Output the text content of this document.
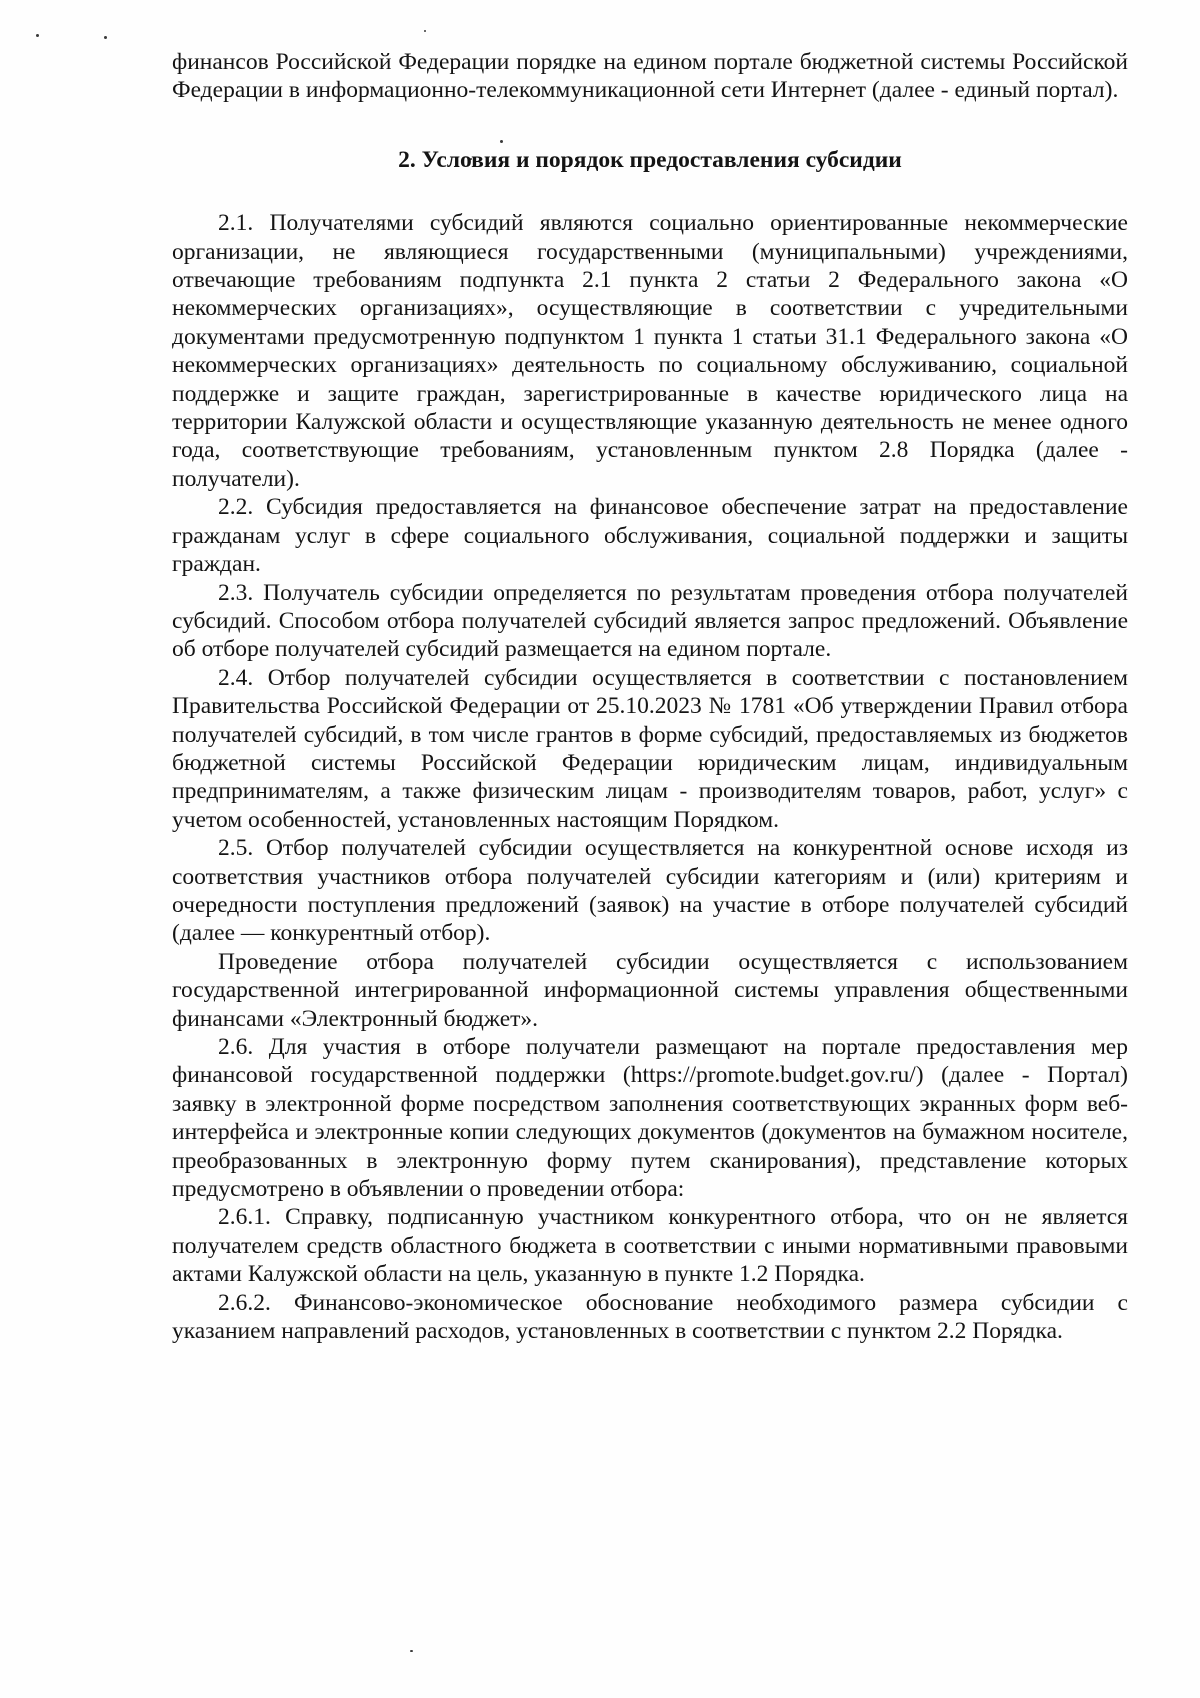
финансов Российской Федерации порядке на едином портале бюджетной системы Российской Федерации в информационно-телекоммуникационной сети Интернет (далее - единый портал).

2. Условия и порядок предоставления субсидии

2.1. Получателями субсидий являются социально ориентированные некоммерческие организации, не являющиеся государственными (муниципальными) учреждениями, отвечающие требованиям подпункта 2.1 пункта 2 статьи 2 Федерального закона «О некоммерческих организациях», осуществляющие в соответствии с учредительными документами предусмотренную подпунктом 1 пункта 1 статьи 31.1 Федерального закона «О некоммерческих организациях» деятельность по социальному обслуживанию, социальной поддержке и защите граждан, зарегистрированные в качестве юридического лица на территории Калужской области и осуществляющие указанную деятельность не менее одного года, соответствующие требованиям, установленным пунктом 2.8 Порядка (далее - получатели).

2.2. Субсидия предоставляется на финансовое обеспечение затрат на предоставление гражданам услуг в сфере социального обслуживания, социальной поддержки и защиты граждан.

2.3. Получатель субсидии определяется по результатам проведения отбора получателей субсидий. Способом отбора получателей субсидий является запрос предложений. Объявление об отборе получателей субсидий размещается на едином портале.

2.4. Отбор получателей субсидии осуществляется в соответствии с постановлением Правительства Российской Федерации от 25.10.2023 № 1781 «Об утверждении Правил отбора получателей субсидий, в том числе грантов в форме субсидий, предоставляемых из бюджетов бюджетной системы Российской Федерации юридическим лицам, индивидуальным предпринимателям, а также физическим лицам - производителям товаров, работ, услуг» с учетом особенностей, установленных настоящим Порядком.

2.5. Отбор получателей субсидии осуществляется на конкурентной основе исходя из соответствия участников отбора получателей субсидии категориям и (или) критериям и очередности поступления предложений (заявок) на участие в отборе получателей субсидий (далее — конкурентный отбор).

Проведение отбора получателей субсидии осуществляется с использованием государственной интегрированной информационной системы управления общественными финансами «Электронный бюджет».

2.6. Для участия в отборе получатели размещают на портале предоставления мер финансовой государственной поддержки (https://promote.budget.gov.ru/) (далее - Портал) заявку в электронной форме посредством заполнения соответствующих экранных форм веб-интерфейса и электронные копии следующих документов (документов на бумажном носителе, преобразованных в электронную форму путем сканирования), представление которых предусмотрено в объявлении о проведении отбора:

2.6.1. Справку, подписанную участником конкурентного отбора, что он не является получателем средств областного бюджета в соответствии с иными нормативными правовыми актами Калужской области на цель, указанную в пункте 1.2 Порядка.

2.6.2. Финансово-экономическое обоснование необходимого размера субсидии с указанием направлений расходов, установленных в соответствии с пунктом 2.2 Порядка.
